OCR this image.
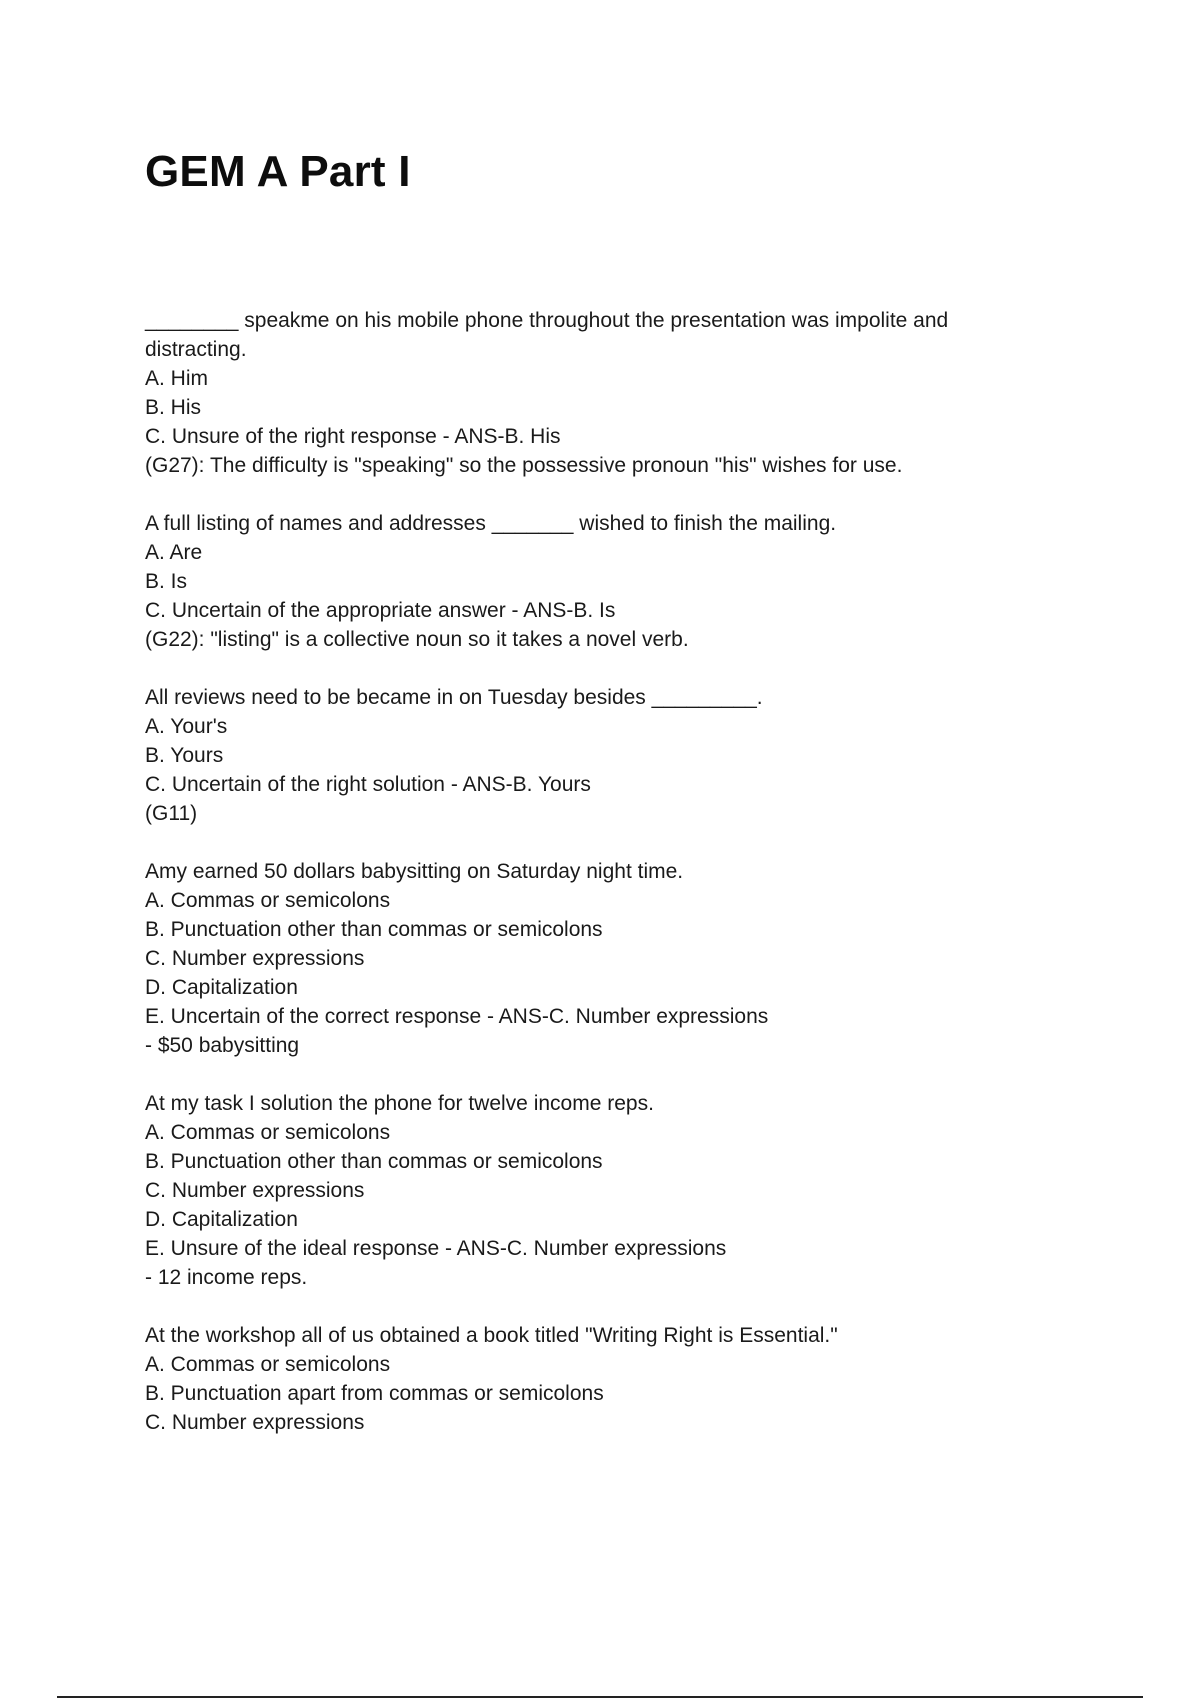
GEM A Part I
________ speakme on his mobile phone throughout the presentation was impolite and
distracting.
A. Him
B. His
C. Unsure of the right response - ANS-B. His
(G27): The difficulty is "speaking" so the possessive pronoun "his" wishes for use.
A full listing of names and addresses _______ wished to finish the mailing.
A. Are
B. Is
C. Uncertain of the appropriate answer - ANS-B. Is
(G22): "listing" is a collective noun so it takes a novel verb.
All reviews need to be became in on Tuesday besides _________.
A. Your's
B. Yours
C. Uncertain of the right solution - ANS-B. Yours
(G11)
Amy earned 50 dollars babysitting on Saturday night time.
A. Commas or semicolons
B. Punctuation other than commas or semicolons
C. Number expressions
D. Capitalization
E. Uncertain of the correct response - ANS-C. Number expressions
- $50 babysitting
At my task I solution the phone for twelve income reps.
A. Commas or semicolons
B. Punctuation other than commas or semicolons
C. Number expressions
D. Capitalization
E. Unsure of the ideal response - ANS-C. Number expressions
- 12 income reps.
At the workshop all of us obtained a book titled "Writing Right is Essential."
A. Commas or semicolons
B. Punctuation apart from commas or semicolons
C. Number expressions
